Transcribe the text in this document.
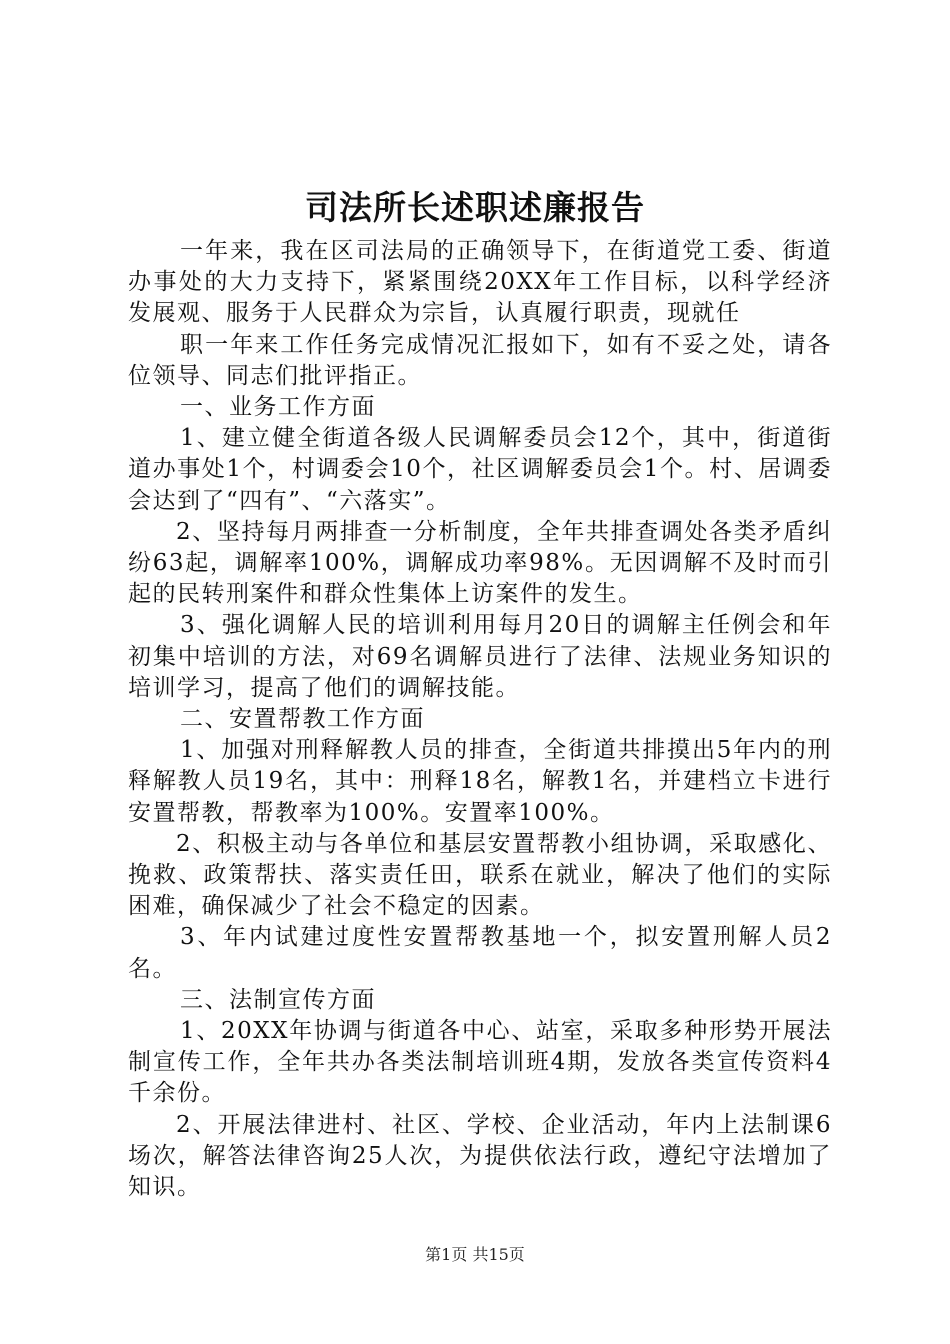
司法所长述职述廉报告

一年来，我在区司法局的正确领导下，在街道党工委、街道办事处的大力支持下，紧紧围绕20XX年工作目标，以科学经济发展观、服务于人民群众为宗旨，认真履行职责，现就任

职一年来工作任务完成情况汇报如下，如有不妥之处，请各位领导、同志们批评指正。

一、业务工作方面

1、建立健全街道各级人民调解委员会12个，其中，街道街道办事处1个，村调委会10个，社区调解委员会1个。村、居调委会达到了“四有”、“六落实”。

2、坚持每月两排查一分析制度，全年共排查调处各类矛盾纠纷63起，调解率100%，调解成功率98%。无因调解不及时而引起的民转刑案件和群众性集体上访案件的发生。

3、强化调解人民的培训利用每月20日的调解主任例会和年初集中培训的方法，对69名调解员进行了法律、法规业务知识的培训学习，提高了他们的调解技能。

二、安置帮教工作方面

1、加强对刑释解教人员的排查，全街道共排摸出5年内的刑释解教人员19名，其中：刑释18名，解教1名，并建档立卡进行安置帮教，帮教率为100%。安置率100%。

2、积极主动与各单位和基层安置帮教小组协调，采取感化、挽救、政策帮扶、落实责任田，联系在就业，解决了他们的实际困难，确保减少了社会不稳定的因素。

3、年内试建过度性安置帮教基地一个，拟安置刑解人员2名。

三、法制宣传方面

1、20XX年协调与街道各中心、站室，采取多种形势开展法制宣传工作，全年共办各类法制培训班4期，发放各类宣传资料4千余份。

2、开展法律进村、社区、学校、企业活动，年内上法制课6场次，解答法律咨询25人次，为提供依法行政，遵纪守法增加了知识。

第1页 共15页
